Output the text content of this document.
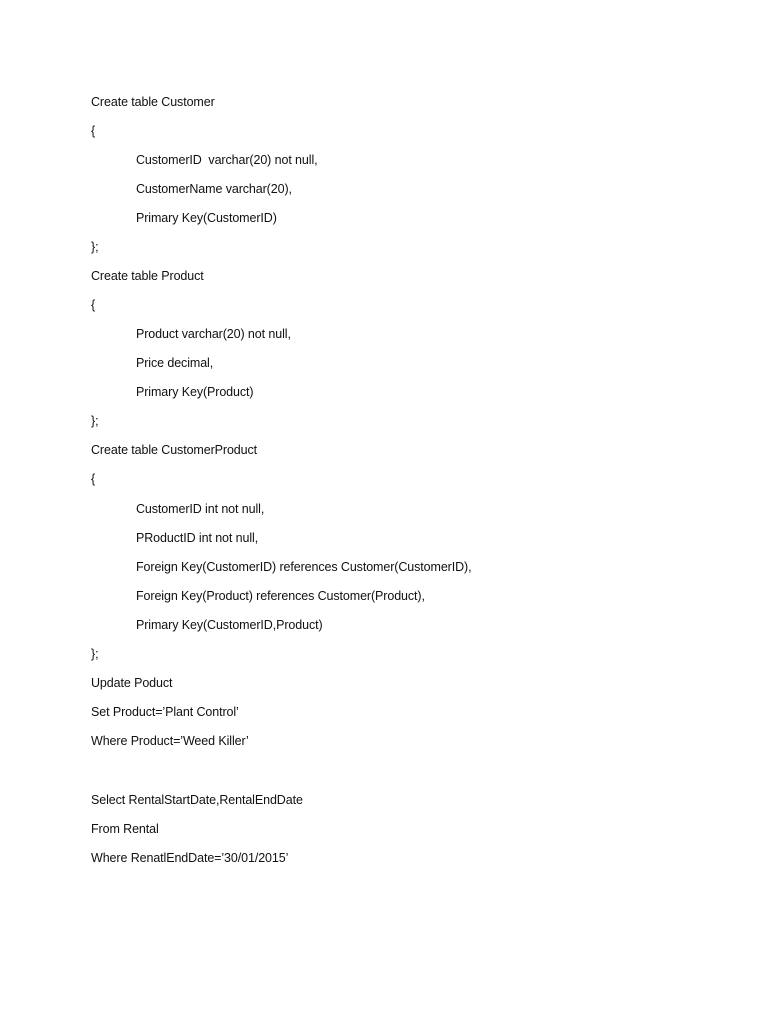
Create table Customer
{
CustomerID  varchar(20) not null,
CustomerName varchar(20),
Primary Key(CustomerID)
};
Create table Product
{
Product varchar(20) not null,
Price decimal,
Primary Key(Product)
};
Create table CustomerProduct
{
CustomerID int not null,
PRoductID int not null,
Foreign Key(CustomerID) references Customer(CustomerID),
Foreign Key(Product) references Customer(Product),
Primary Key(CustomerID,Product)
};
Update Poduct
Set Product=’Plant Control’
Where Product=’Weed Killer’
Select RentalStartDate,RentalEndDate
From Rental
Where RenatlEndDate=’30/01/2015’
